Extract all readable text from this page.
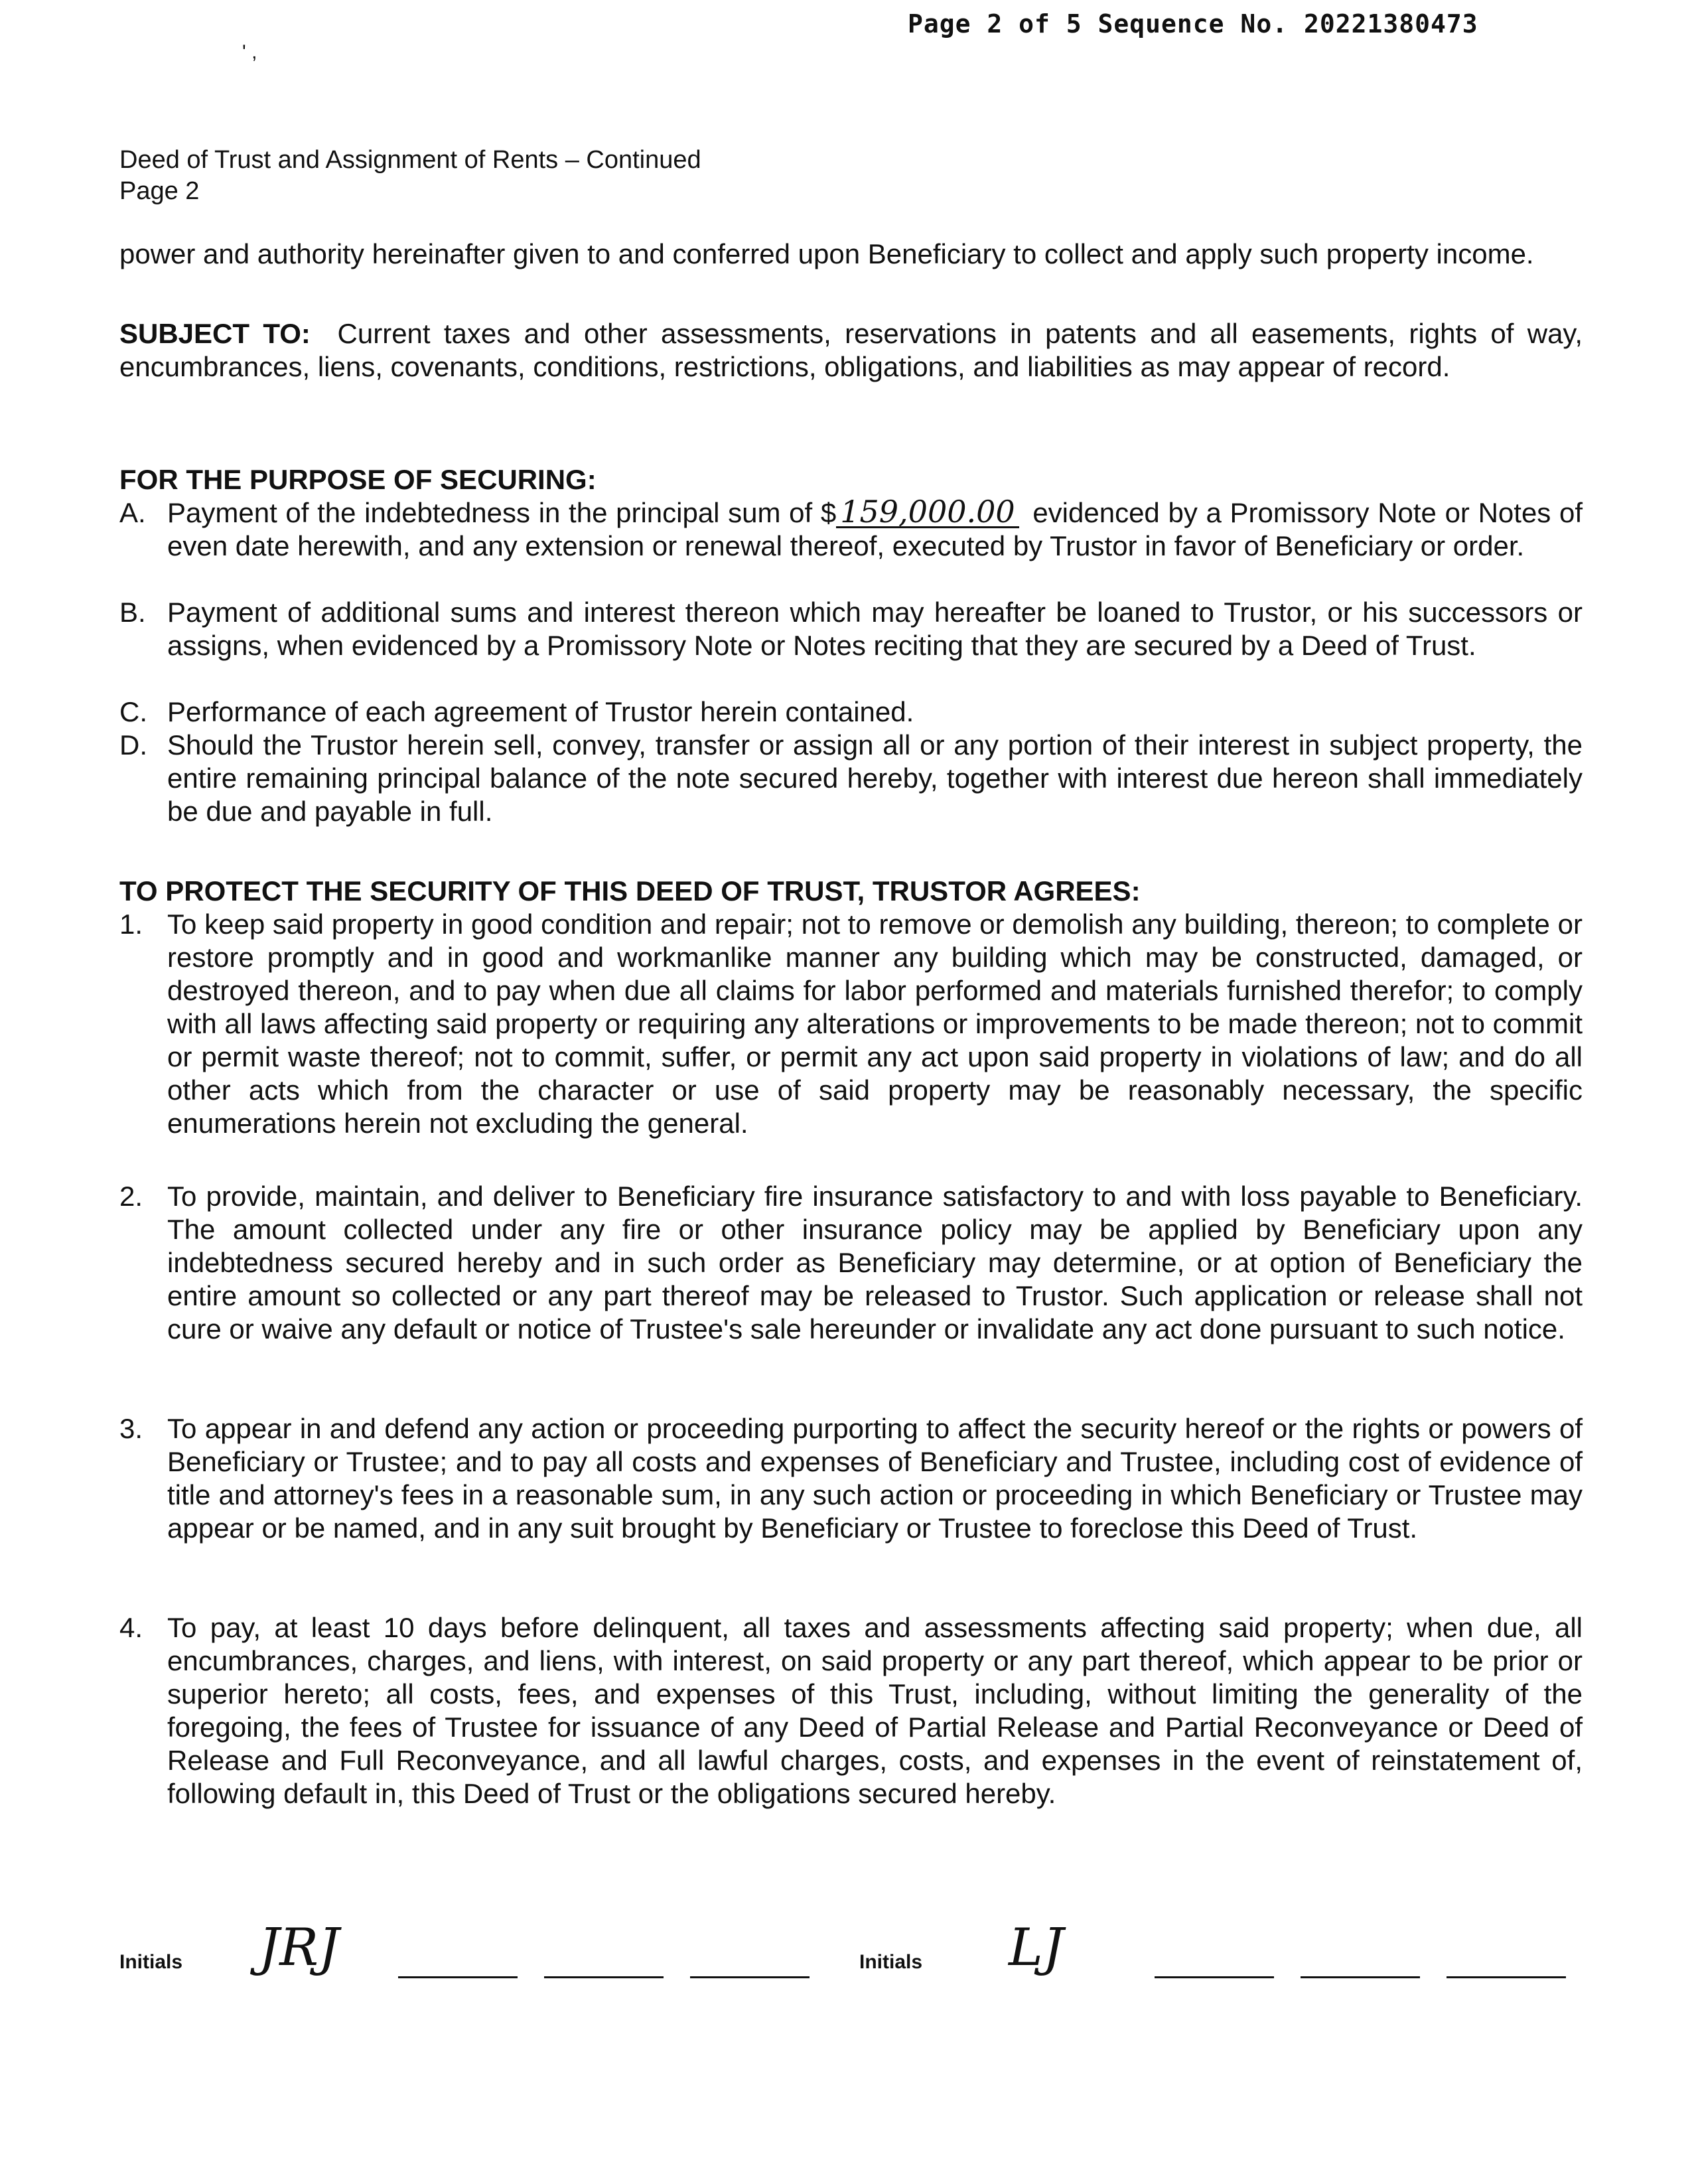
Page 2 of 5 Sequence No. 20221380473
' ,
Deed of Trust and Assignment of Rents – Continued
Page 2
power and authority hereinafter given to and conferred upon Beneficiary to collect and apply such property income.
SUBJECT TO: Current taxes and other assessments, reservations in patents and all easements, rights of way, encumbrances, liens, covenants, conditions, restrictions, obligations, and liabilities as may appear of record.
FOR THE PURPOSE OF SECURING:
A. Payment of the indebtedness in the principal sum of $ 159,000.00 evidenced by a Promissory Note or Notes of even date herewith, and any extension or renewal thereof, executed by Trustor in favor of Beneficiary or order.
B. Payment of additional sums and interest thereon which may hereafter be loaned to Trustor, or his successors or assigns, when evidenced by a Promissory Note or Notes reciting that they are secured by a Deed of Trust.
C. Performance of each agreement of Trustor herein contained.
D. Should the Trustor herein sell, convey, transfer or assign all or any portion of their interest in subject property, the entire remaining principal balance of the note secured hereby, together with interest due hereon shall immediately be due and payable in full.
TO PROTECT THE SECURITY OF THIS DEED OF TRUST, TRUSTOR AGREES:
1. To keep said property in good condition and repair; not to remove or demolish any building, thereon; to complete or restore promptly and in good and workmanlike manner any building which may be constructed, damaged, or destroyed thereon, and to pay when due all claims for labor performed and materials furnished therefor; to comply with all laws affecting said property or requiring any alterations or improvements to be made thereon; not to commit or permit waste thereof; not to commit, suffer, or permit any act upon said property in violations of law; and do all other acts which from the character or use of said property may be reasonably necessary, the specific enumerations herein not excluding the general.
2. To provide, maintain, and deliver to Beneficiary fire insurance satisfactory to and with loss payable to Beneficiary. The amount collected under any fire or other insurance policy may be applied by Beneficiary upon any indebtedness secured hereby and in such order as Beneficiary may determine, or at option of Beneficiary the entire amount so collected or any part thereof may be released to Trustor. Such application or release shall not cure or waive any default or notice of Trustee's sale hereunder or invalidate any act done pursuant to such notice.
3. To appear in and defend any action or proceeding purporting to affect the security hereof or the rights or powers of Beneficiary or Trustee; and to pay all costs and expenses of Beneficiary and Trustee, including cost of evidence of title and attorney's fees in a reasonable sum, in any such action or proceeding in which Beneficiary or Trustee may appear or be named, and in any suit brought by Beneficiary or Trustee to foreclose this Deed of Trust.
4. To pay, at least 10 days before delinquent, all taxes and assessments affecting said property; when due, all encumbrances, charges, and liens, with interest, on said property or any part thereof, which appear to be prior or superior hereto; all costs, fees, and expenses of this Trust, including, without limiting the generality of the foregoing, the fees of Trustee for issuance of any Deed of Partial Release and Partial Reconveyance or Deed of Release and Full Reconveyance, and all lawful charges, costs, and expenses in the event of reinstatement of, following default in, this Deed of Trust or the obligations secured hereby.
Initials JRJ	Initials LJ
